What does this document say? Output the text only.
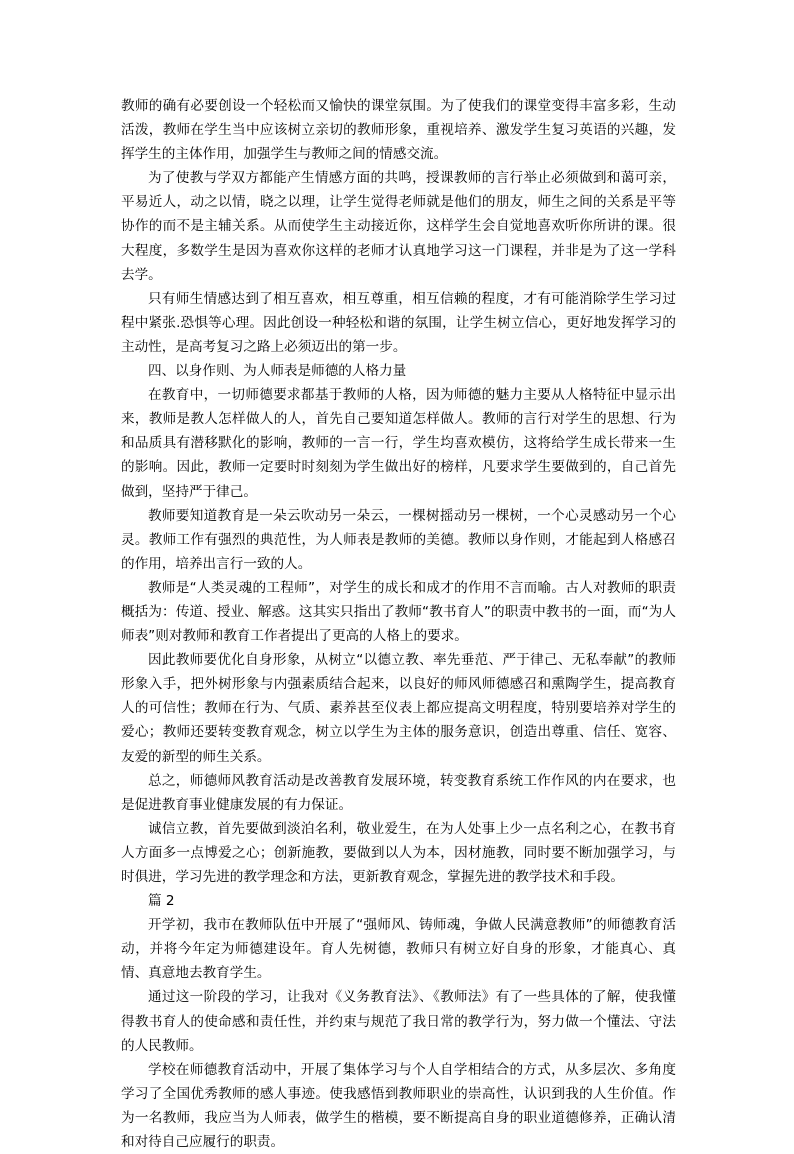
教师的确有必要创设一个轻松而又愉快的课堂氛围。为了使我们的课堂变得丰富多彩，生动活泼，教师在学生当中应该树立亲切的教师形象，重视培养、激发学生复习英语的兴趣，发挥学生的主体作用，加强学生与教师之间的情感交流。

为了使教与学双方都能产生情感方面的共鸣，授课教师的言行举止必须做到和蔼可亲，平易近人，动之以情，晓之以理，让学生觉得老师就是他们的朋友，师生之间的关系是平等协作的而不是主辅关系。从而使学生主动接近你，这样学生会自觉地喜欢听你所讲的课。很大程度，多数学生是因为喜欢你这样的老师才认真地学习这一门课程，并非是为了这一学科去学。

只有师生情感达到了相互喜欢，相互尊重，相互信赖的程度，才有可能消除学生学习过程中紧张.恐惧等心理。因此创设一种轻松和谐的氛围，让学生树立信心，更好地发挥学习的主动性，是高考复习之路上必须迈出的第一步。

四、以身作则、为人师表是师德的人格力量

在教育中，一切师德要求都基于教师的人格，因为师德的魅力主要从人格特征中显示出来，教师是教人怎样做人的人，首先自己要知道怎样做人。教师的言行对学生的思想、行为和品质具有潜移默化的影响，教师的一言一行，学生均喜欢模仿，这将给学生成长带来一生的影响。因此，教师一定要时时刻刻为学生做出好的榜样，凡要求学生要做到的，自己首先做到，坚持严于律己。

教师要知道教育是一朵云吹动另一朵云，一棵树摇动另一棵树，一个心灵感动另一个心灵。教师工作有强烈的典范性，为人师表是教师的美德。教师以身作则，才能起到人格感召的作用，培养出言行一致的人。

教师是“人类灵魂的工程师”，对学生的成长和成才的作用不言而喻。古人对教师的职责概括为：传道、授业、解惑。这其实只指出了教师“教书育人”的职责中教书的一面，而“为人师表”则对教师和教育工作者提出了更高的人格上的要求。

因此教师要优化自身形象，从树立“以德立教、率先垂范、严于律己、无私奉献”的教师形象入手，把外树形象与内强素质结合起来，以良好的师风师德感召和熏陶学生，提高教育人的可信性；教师在行为、气质、素养甚至仪表上都应提高文明程度，特别要培养对学生的爱心；教师还要转变教育观念，树立以学生为主体的服务意识，创造出尊重、信任、宽容、友爱的新型的师生关系。

总之，师德师风教育活动是改善教育发展环境，转变教育系统工作作风的内在要求，也是促进教育事业健康发展的有力保证。

诚信立教，首先要做到淡泊名利，敬业爱生，在为人处事上少一点名利之心，在教书育人方面多一点博爱之心；创新施教，要做到以人为本，因材施教，同时要不断加强学习，与时俱进，学习先进的教学理念和方法，更新教育观念，掌握先进的教学技术和手段。

篇 2

开学初，我市在教师队伍中开展了“强师风、铸师魂，争做人民满意教师”的师德教育活动，并将今年定为师德建设年。育人先树德，教师只有树立好自身的形象，才能真心、真情、真意地去教育学生。

通过这一阶段的学习，让我对《义务教育法》、《教师法》有了一些具体的了解，使我懂得教书育人的使命感和责任性，并约束与规范了我日常的教学行为，努力做一个懂法、守法的人民教师。

学校在师德教育活动中，开展了集体学习与个人自学相结合的方式，从多层次、多角度学习了全国优秀教师的感人事迹。使我感悟到教师职业的崇高性，认识到我的人生价值。作为一名教师，我应当为人师表，做学生的楷模，要不断提高自身的职业道德修养，正确认清和对待自己应履行的职责。
